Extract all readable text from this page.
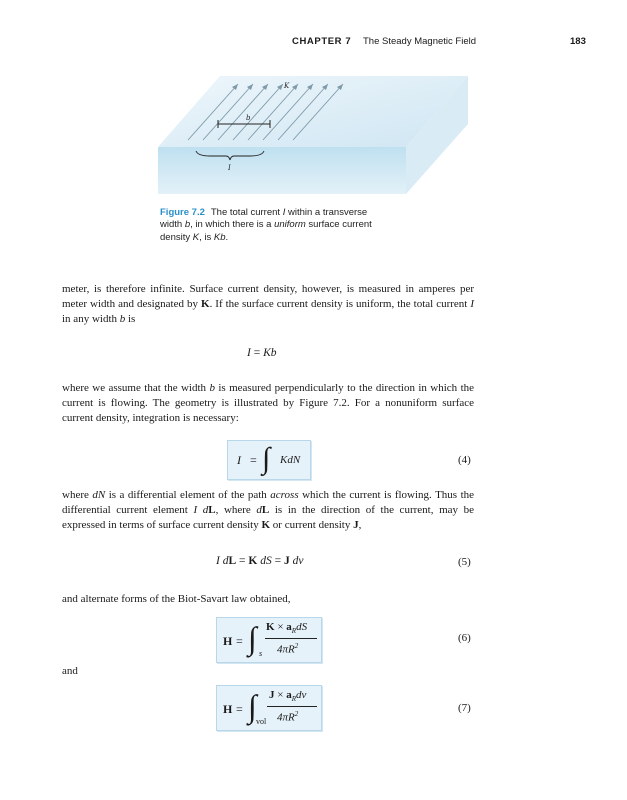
CHAPTER 7 The Steady Magnetic Field	183
K
b
I
Figure 7.2 The total current I within a transverse width b, in which there is a uniform surface current density K, is Kb.
meter, is therefore infinite. Surface current density, however, is measured in amperes per meter width and designated by K. If the surface current density is uniform, the total current I in any width b is
I = Kb
where we assume that the width b is measured perpendicularly to the direction in which the current is flowing. The geometry is illustrated by Figure 7.2. For a nonuniform surface current density, integration is necessary:
I = ∫ KdN	(4)
where dN is a differential element of the path across which the current is flowing. Thus the differential current element I dL, where dL is in the direction of the current, may be expressed in terms of surface current density K or current density J,
I dL = K dS = J dv	(5)
and alternate forms of the Biot-Savart law obtained,
H = ∫ s
$K \times a_RdS$
$4\pi R^2$
(6)
and
H = ∫ vol
$J \times a_Rdv$
$4\pi R^2$	(7)
